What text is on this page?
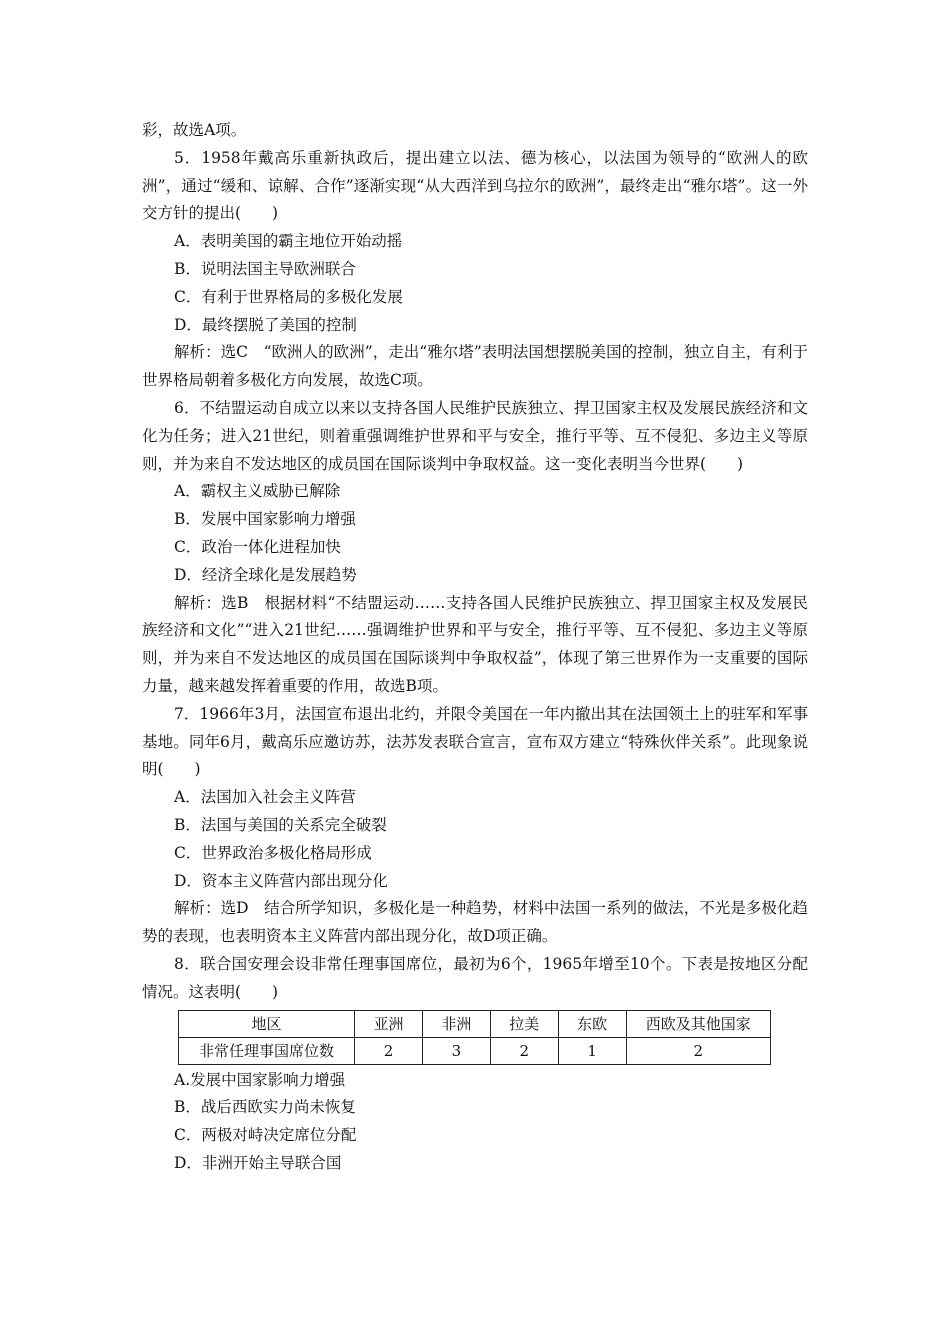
彩，故选A项。

5．1958年戴高乐重新执政后，提出建立以法、德为核心，以法国为领导的“欧洲人的欧洲”，通过“缓和、谅解、合作”逐渐实现“从大西洋到乌拉尔的欧洲”，最终走出“雅尔塔”。这一外交方针的提出(　　)

A．表明美国的霸主地位开始动摇

B．说明法国主导欧洲联合

C．有利于世界格局的多极化发展

D．最终摆脱了美国的控制

解析：选C　“欧洲人的欧洲”，走出“雅尔塔”表明法国想摆脱美国的控制，独立自主，有利于世界格局朝着多极化方向发展，故选C项。

6．不结盟运动自成立以来以支持各国人民维护民族独立、捍卫国家主权及发展民族经济和文化为任务；进入21世纪，则着重强调维护世界和平与安全，推行平等、互不侵犯、多边主义等原则，并为来自不发达地区的成员国在国际谈判中争取权益。这一变化表明当今世界(　　)

A．霸权主义威胁已解除

B．发展中国家影响力增强

C．政治一体化进程加快

D．经济全球化是发展趋势

解析：选B　根据材料“不结盟运动……支持各国人民维护民族独立、捍卫国家主权及发展民族经济和文化”“进入21世纪……强调维护世界和平与安全，推行平等、互不侵犯、多边主义等原则，并为来自不发达地区的成员国在国际谈判中争取权益”，体现了第三世界作为一支重要的国际力量，越来越发挥着重要的作用，故选B项。

7．1966年3月，法国宣布退出北约，并限令美国在一年内撤出其在法国领土上的驻军和军事基地。同年6月，戴高乐应邀访苏，法苏发表联合宣言，宣布双方建立“特殊伙伴关系”。此现象说明(　　)

A．法国加入社会主义阵营

B．法国与美国的关系完全破裂

C．世界政治多极化格局形成

D．资本主义阵营内部出现分化

解析：选D　结合所学知识，多极化是一种趋势，材料中法国一系列的做法，不光是多极化趋势的表现，也表明资本主义阵营内部出现分化，故D项正确。

8．联合国安理会设非常任理事国席位，最初为6个，1965年增至10个。下表是按地区分配情况。这表明(　　)

地区	亚洲	非洲	拉美	东欧	西欧及其他国家
非常任理事国席位数	2	3	2	1	2

A.发展中国家影响力增强

B．战后西欧实力尚未恢复

C．两极对峙决定席位分配

D．非洲开始主导联合国
